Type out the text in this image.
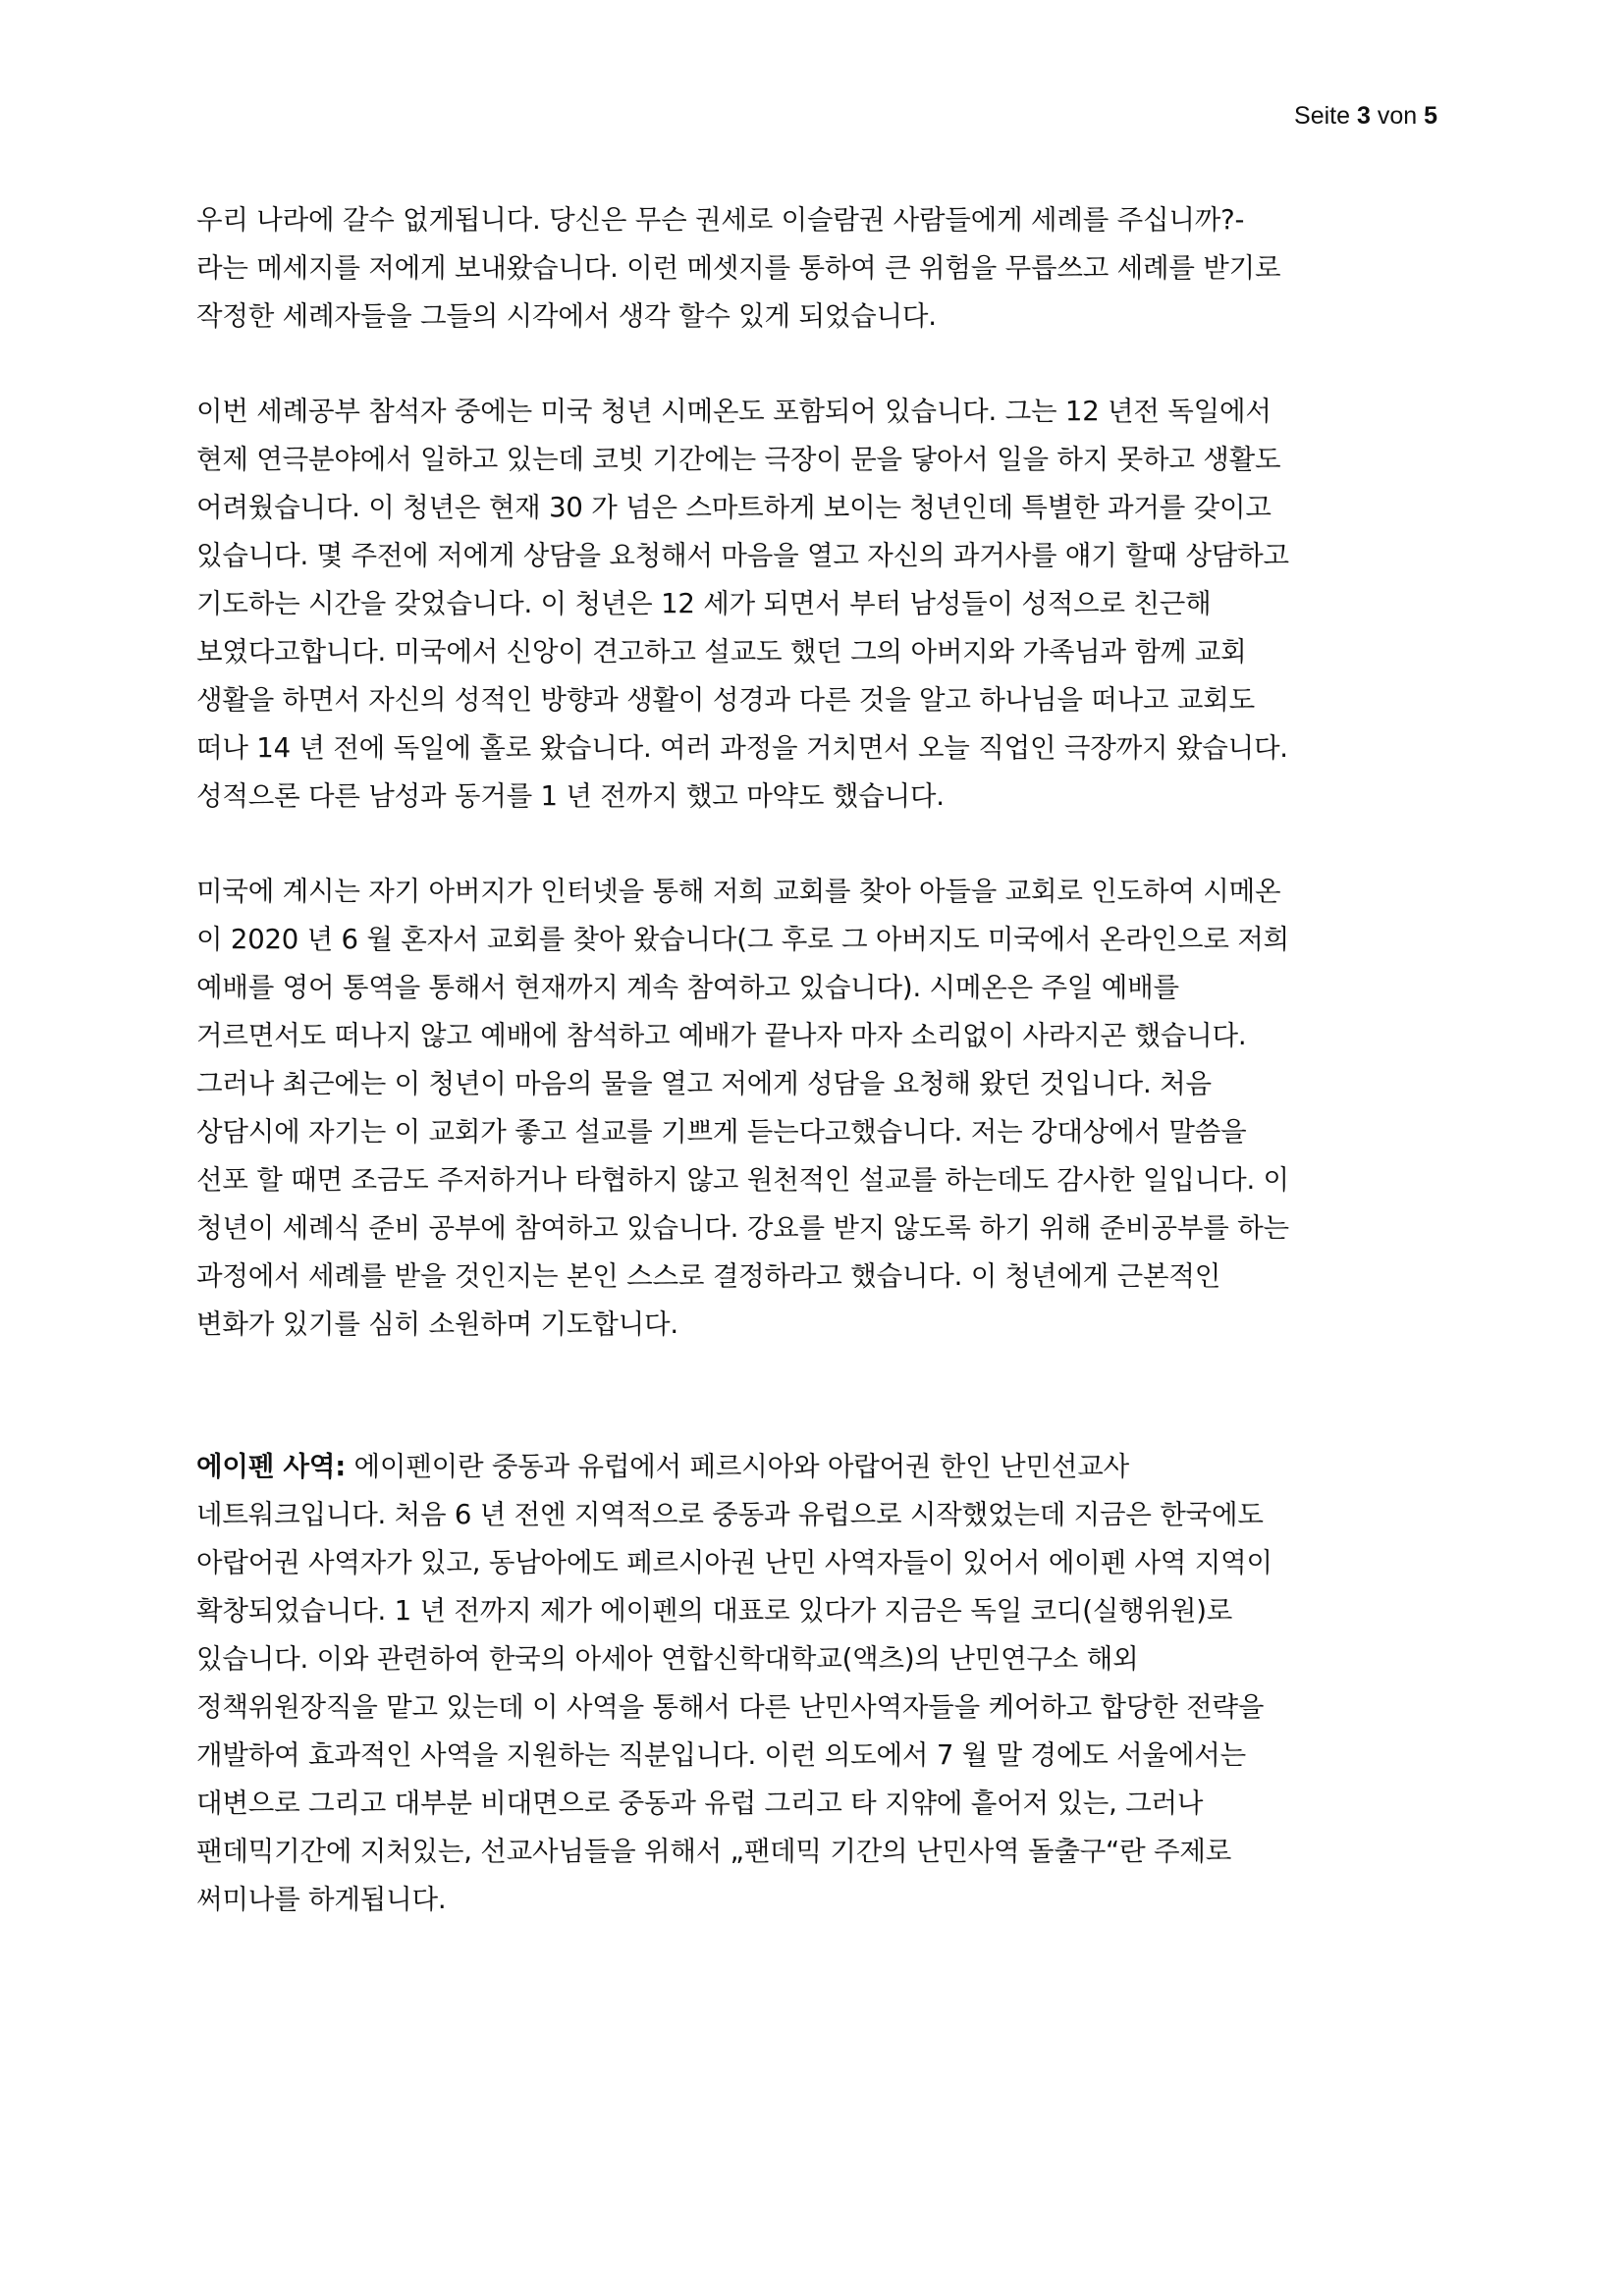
Seite 3 von 5
우리 나라에 갈수 없게됩니다. 당신은 무슨 권세로 이슬람권 사람들에게 세례를 주십니까?-
라는 메세지를 저에게 보내왔습니다. 이런 메셋지를 통하여 큰 위험을 무릅쓰고 세례를 받기로
작정한 세례자들을 그들의 시각에서 생각 할수 있게 되었습니다.
이번 세례공부 참석자 중에는 미국 청년 시메온도 포함되어 있습니다. 그는 12 년전 독일에서
현제 연극분야에서 일하고 있는데 코빗 기간에는 극장이 문을 닿아서 일을 하지 못하고 생활도
어려웠습니다. 이 청년은 현재 30 가 넘은 스마트하게 보이는 청년인데 특별한 과거를 갖이고
있습니다. 몇 주전에 저에게 상담을 요청해서 마음을 열고 자신의 과거사를 얘기 할때 상담하고
기도하는 시간을 갖었습니다. 이 청년은 12 세가 되면서 부터 남성들이 성적으로 친근해
보였다고합니다. 미국에서 신앙이 견고하고 설교도 했던 그의 아버지와 가족님과 함께 교회
생활을 하면서 자신의 성적인 방향과 생활이 성경과 다른 것을 알고 하나님을 떠나고 교회도
떠나 14 년 전에 독일에 홀로 왔습니다. 여러 과정을 거치면서 오늘 직업인 극장까지 왔습니다.
성적으론 다른 남성과 동거를 1 년 전까지 했고 마약도 했습니다.
미국에 계시는 자기 아버지가 인터넷을 통해 저희 교회를 찾아 아들을 교회로 인도하여 시메온
이 2020 년 6 월 혼자서 교회를 찾아 왔습니다(그 후로 그 아버지도 미국에서 온라인으로 저희
예배를 영어 통역을 통해서 현재까지 계속 참여하고 있습니다). 시메온은 주일 예배를
거르면서도 떠나지 않고 예배에 참석하고 예배가 끝나자 마자 소리없이 사라지곤 했습니다.
그러나 최근에는 이 청년이 마음의 물을 열고 저에게 성담을 요청해 왔던 것입니다. 처음
상담시에 자기는 이 교회가 좋고 설교를 기쁘게 듣는다고했습니다. 저는 강대상에서 말씀을
선포 할 때면 조금도 주저하거나 타협하지 않고 원천적인 설교를 하는데도 감사한 일입니다. 이
청년이 세례식 준비 공부에 참여하고 있습니다. 강요를 받지 않도록 하기 위해 준비공부를 하는
과정에서 세례를 받을 것인지는 본인 스스로 결정하라고 했습니다. 이 청년에게 근본적인
변화가 있기를 심히 소원하며 기도합니다.
에이펜 사역: 에이펜이란 중동과 유럽에서 페르시아와 아랍어권 한인 난민선교사
네트워크입니다. 처음 6 년 전엔 지역적으로 중동과 유럽으로 시작했었는데 지금은 한국에도
아랍어권 사역자가 있고, 동남아에도 페르시아권 난민 사역자들이 있어서 에이펜 사역 지역이
확창되었습니다. 1 년 전까지 제가 에이펜의 대표로 있다가 지금은 독일 코디(실행위원)로
있습니다. 이와 관련하여 한국의 아세아 연합신학대학교(액츠)의 난민연구소 해외
정책위원장직을 맡고 있는데 이 사역을 통해서 다른 난민사역자들을 케어하고 합당한 전략을
개발하여 효과적인 사역을 지원하는 직분입니다. 이런 의도에서 7 월 말 경에도 서울에서는
대변으로 그리고 대부분 비대면으로 중동과 유럽 그리고 타 지앾에 흩어저 있는, 그러나
팬데믹기간에 지처있는, 선교사님들을 위해서 „팬데믹 기간의 난민사역 돌출구“란 주제로
써미나를 하게됩니다.
